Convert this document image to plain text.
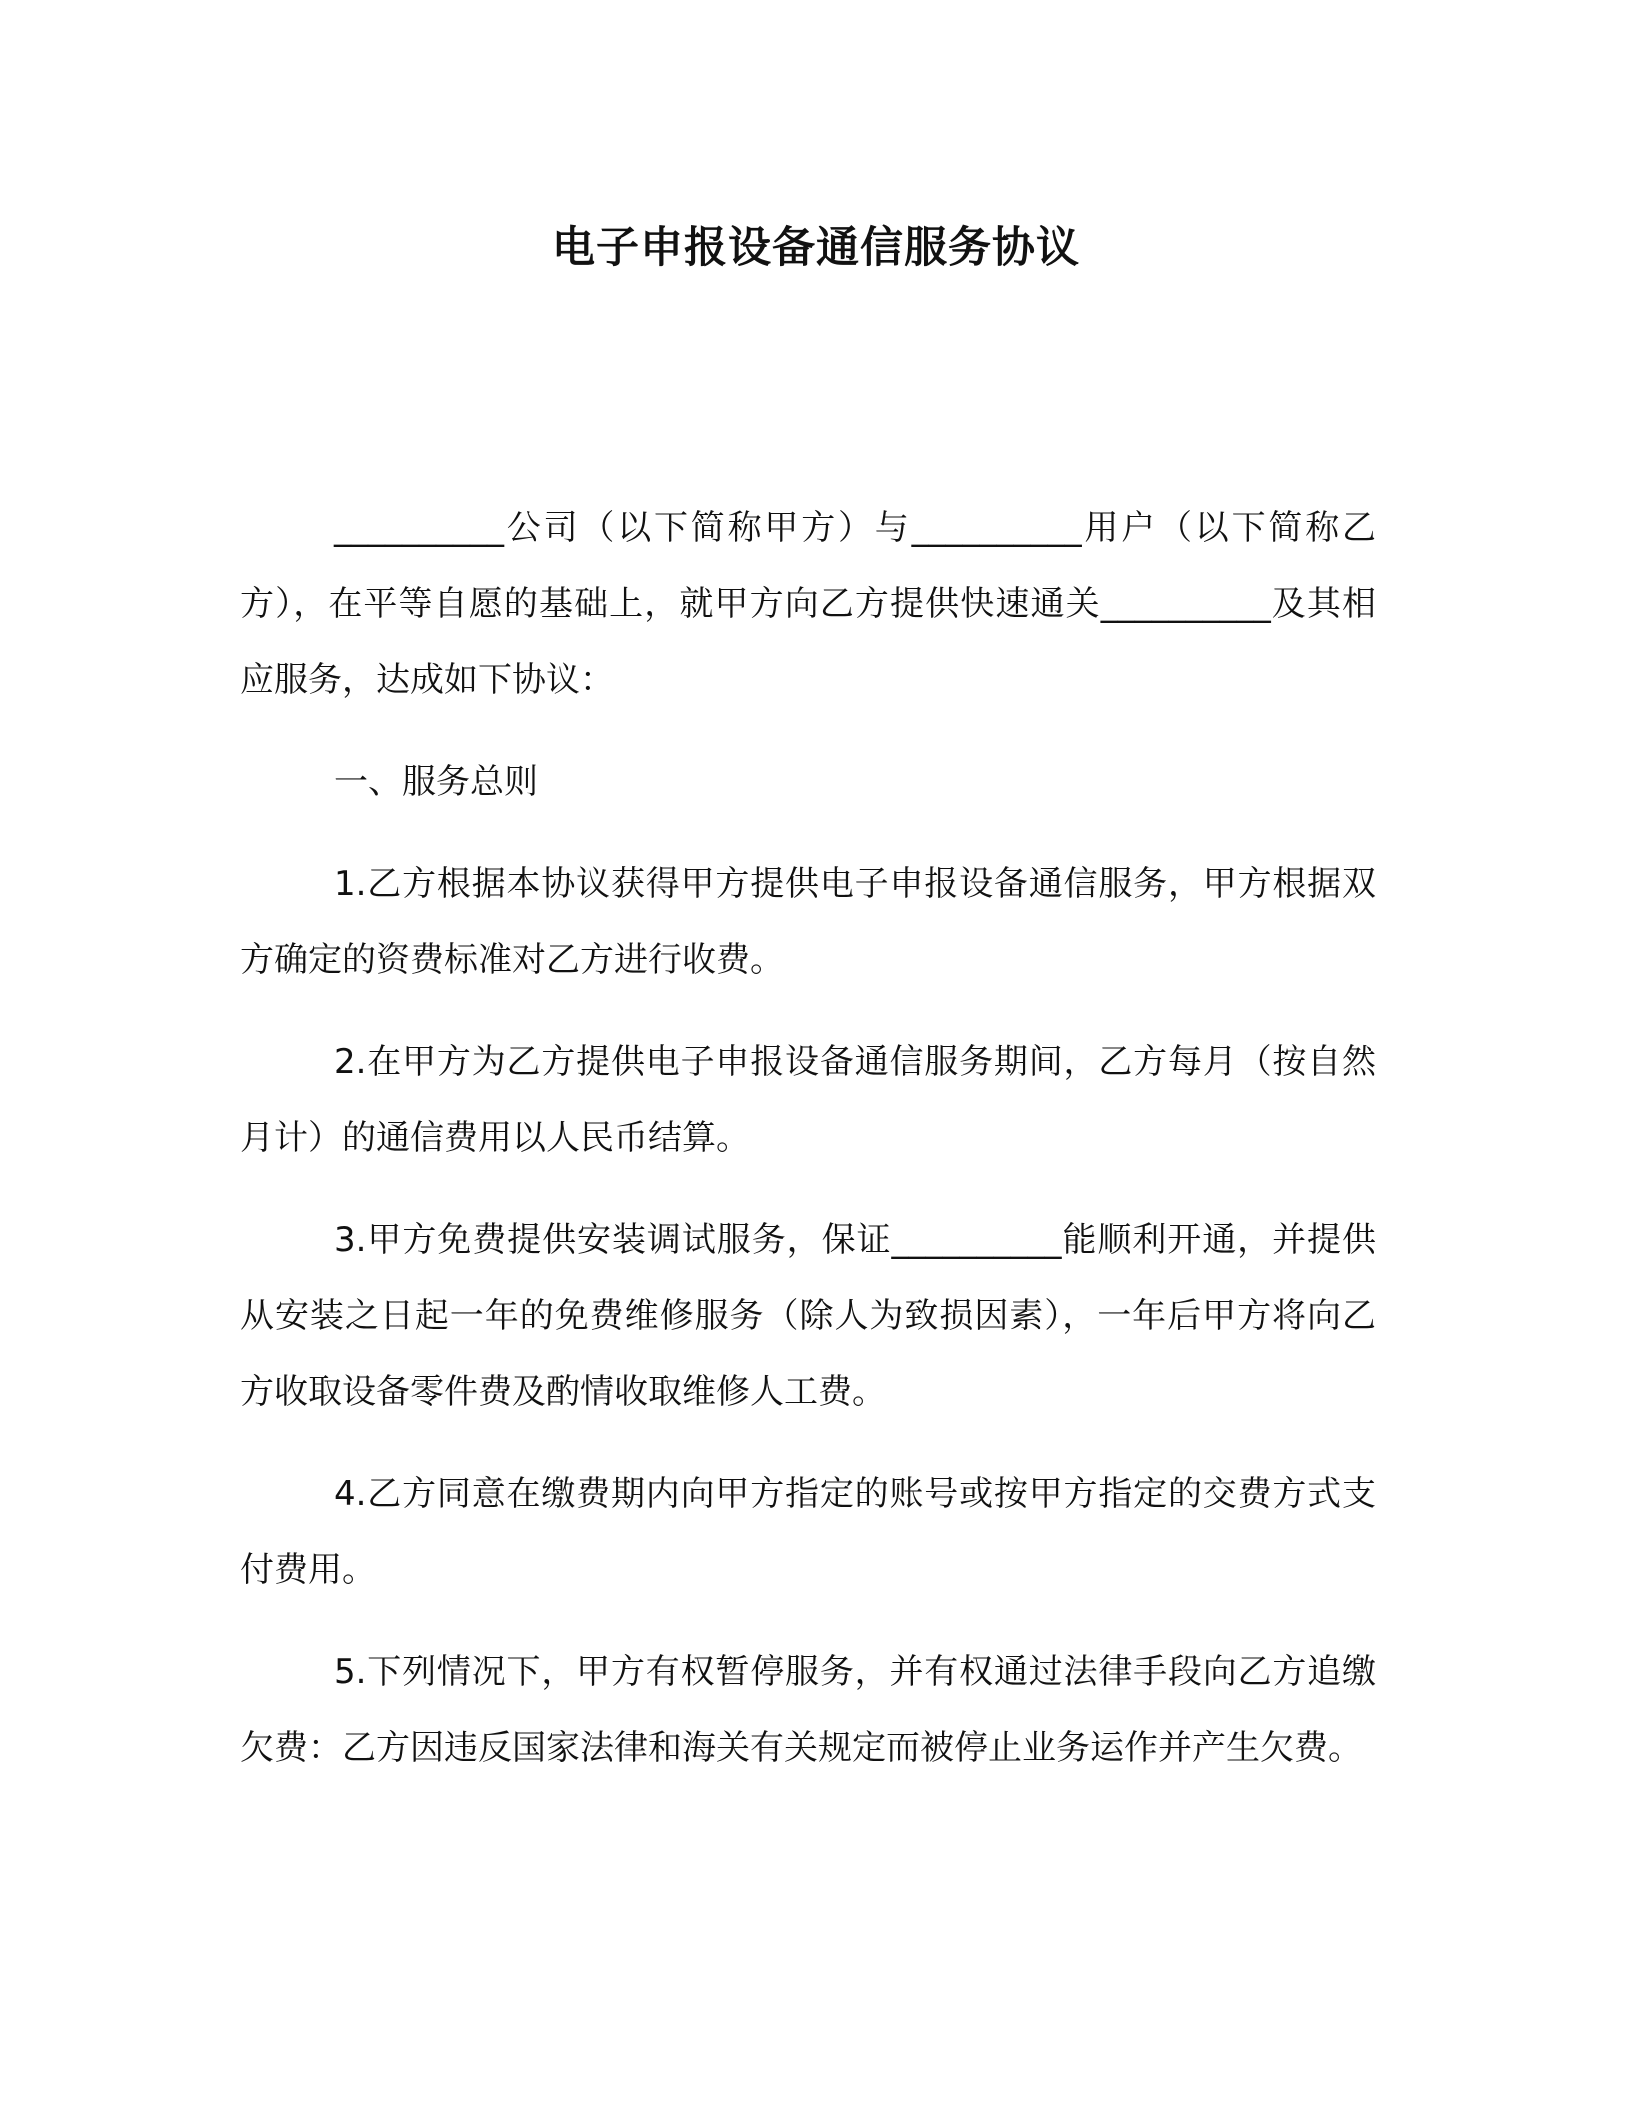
电子申报设备通信服务协议

__________公司（以下简称甲方）与__________用户（以下简称乙方），在平等自愿的基础上，就甲方向乙方提供快速通关__________及其相应服务，达成如下协议：

一、服务总则

1.乙方根据本协议获得甲方提供电子申报设备通信服务，甲方根据双方确定的资费标准对乙方进行收费。

2.在甲方为乙方提供电子申报设备通信服务期间，乙方每月（按自然月计）的通信费用以人民币结算。

3.甲方免费提供安装调试服务，保证__________能顺利开通，并提供从安装之日起一年的免费维修服务（除人为致损因素），一年后甲方将向乙方收取设备零件费及酌情收取维修人工费。

4.乙方同意在缴费期内向甲方指定的账号或按甲方指定的交费方式支付费用。

5.下列情况下，甲方有权暂停服务，并有权通过法律手段向乙方追缴欠费：乙方因违反国家法律和海关有关规定而被停止业务运作并产生欠费。
